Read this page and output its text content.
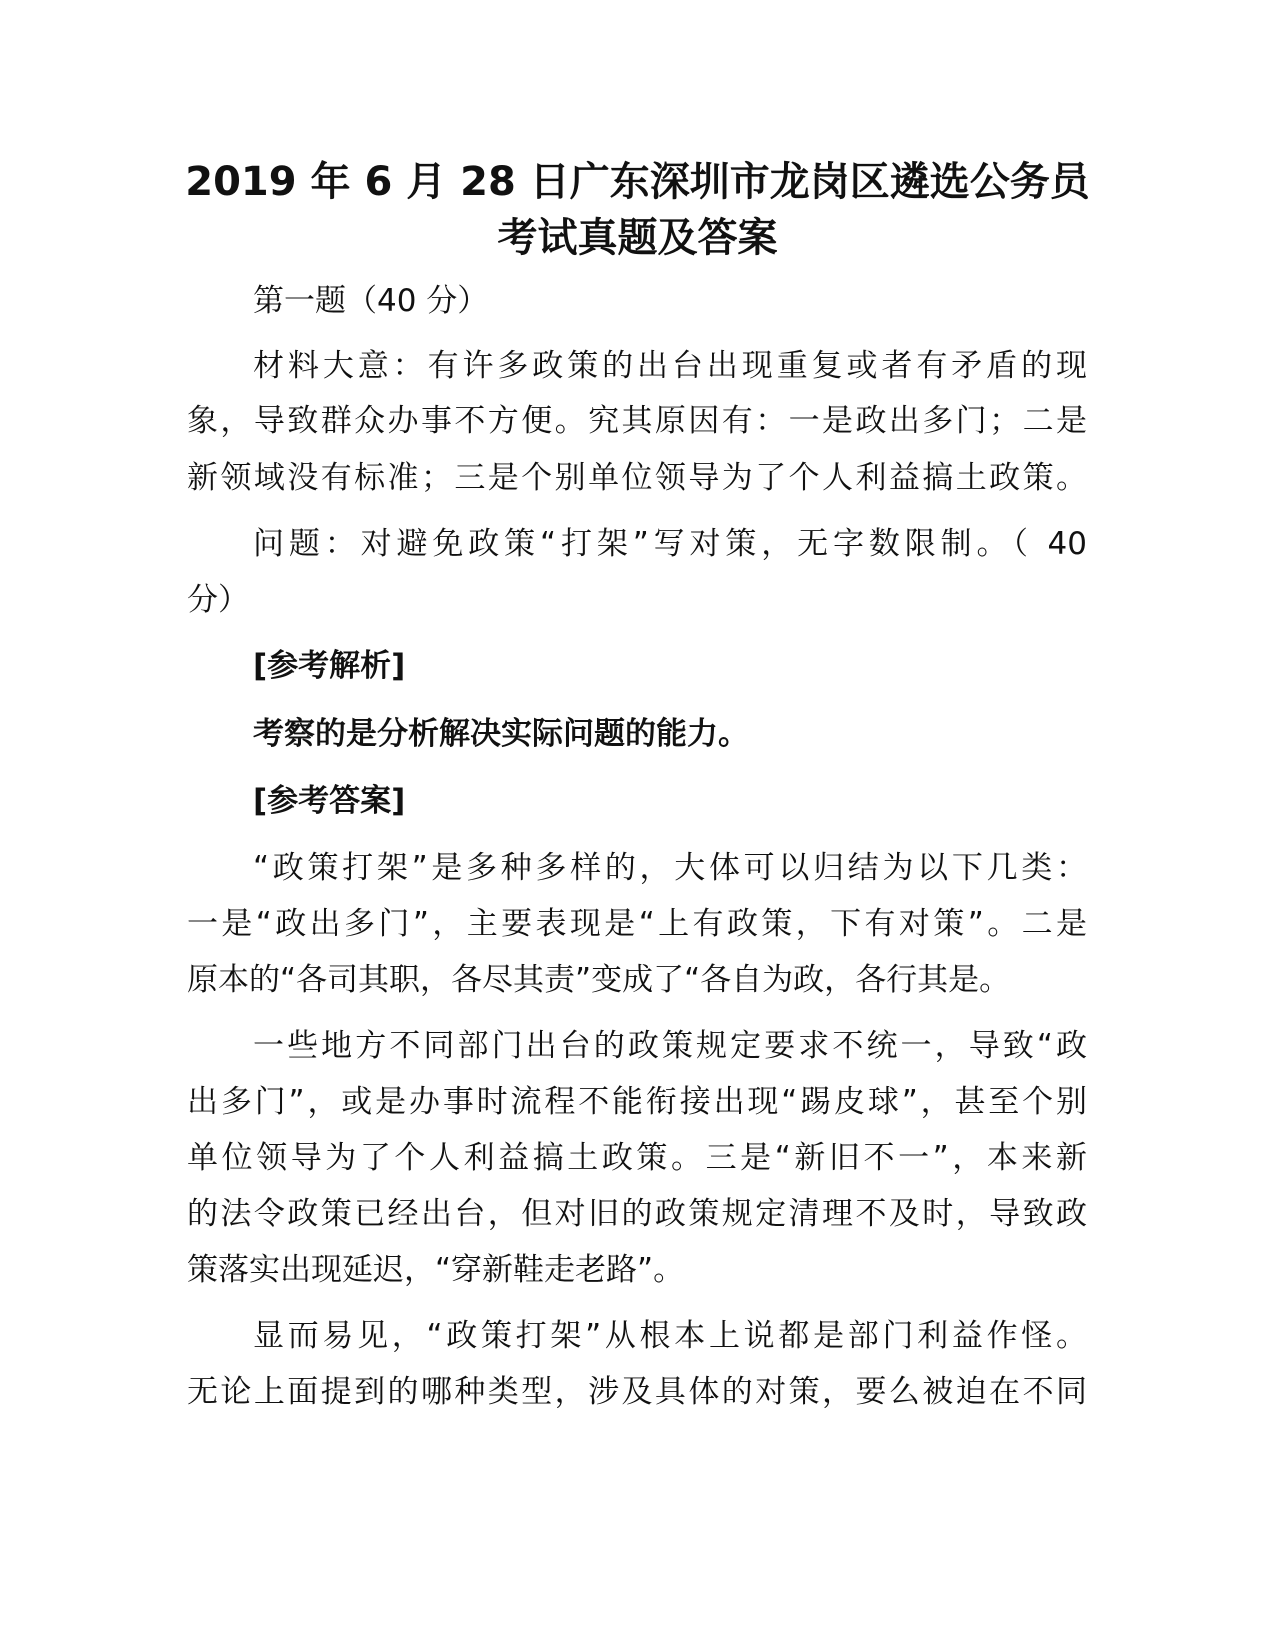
2019 年 6 月 28 日广东深圳市龙岗区遴选公务员
考试真题及答案
第一题（40 分）
材料大意：有许多政策的出台出现重复或者有矛盾的现
象，导致群众办事不方便。究其原因有：一是政出多门；二是
新领域没有标准；三是个别单位领导为了个人利益搞土政策。
问题：对避免政策“打架”写对策，无字数限制。（ 40
分）
[参考解析]
考察的是分析解决实际问题的能力。
[参考答案]
“政策打架”是多种多样的，大体可以归结为以下几类：
一是“政出多门”，主要表现是“上有政策，下有对策”。二是
原本的“各司其职，各尽其责”变成了“各自为政，各行其是。
一些地方不同部门出台的政策规定要求不统一，导致“政
出多门”，或是办事时流程不能衔接出现“踢皮球”，甚至个别
单位领导为了个人利益搞土政策。三是“新旧不一”，本来新
的法令政策已经出台，但对旧的政策规定清理不及时，导致政
策落实出现延迟，“穿新鞋走老路”。
显而易见，“政策打架”从根本上说都是部门利益作怪。
无论上面提到的哪种类型，涉及具体的对策，要么被迫在不同
